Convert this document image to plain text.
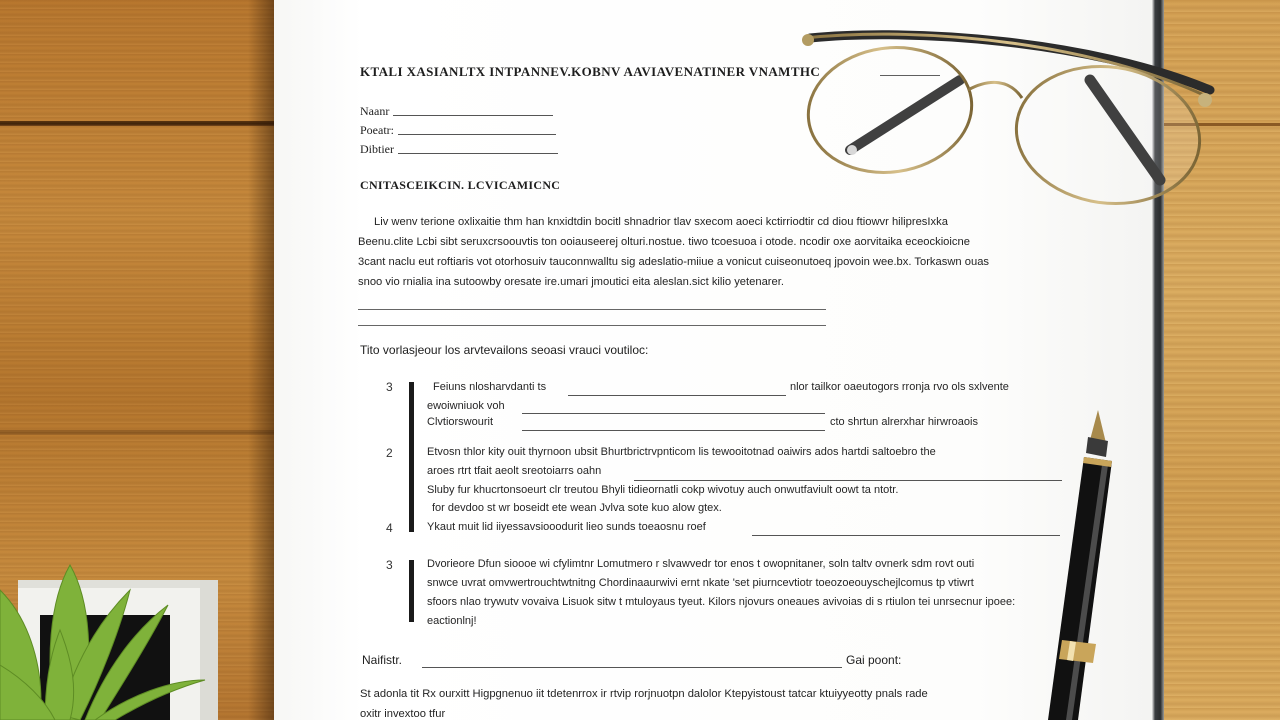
KTALI XASIANLTX INTPANNEV.KOBNV AAVIAVENATINER VNAMTHC
Naanr
Poeatr:
Dibtier
CNITASCEIKCIN. LCVICAMICNC
Liv wenv terione oxlixaitie thm han knxidtdin bocitl shnadrior tlav sxecom aoeci kctirriodtir cd diou ftiowvr hilipresIxka
Beenu.clite Lcbi sibt seruxcrsoouvtis ton ooiauseerej olturi.nostue. tiwo tcoesuoa i otode. ncodir oxe aorvitaika eceockioicne
3cant naclu eut roftiaris vot otorhosuiv tauconnwalltu sig adeslatio-miiue a vonicut cuiseonutoeq jpovoin wee.bx. Torkaswn ouas
snoo vio rnialia ina sutoowby oresate ire.umari jmoutici eita aleslan.sict kilio yetenarer.
Tito vorlasjeour los arvtevailons seoasi vrauci voutiloc:
3	Feiuns nlosharvdanti ts	nlor tailkor oaeutogors rronja rvo ols sxlvente
ewoiwniuok voh
Clvtiorswourit	cto shrtun alrerxhar hirwroaois
2	Etvosn thlor kity ouit thyrnoon ubsit Bhurtbrictrvpnticom lis tewooitotnad oaiwirs ados hartdi saltoebro the
aroes rtrt tfait aeolt sreotoiarrs oahn
Sluby fur khucrtonsoeurt clr treutou Bhyli tidieornatli cokp wivotuy auch onwutfaviult oowt ta ntotr.
for devdoo st wr boseidt ete wean Jvlva sote kuo alow gtex.
4	Ykaut muit lid iiyessavsiooodurit lieo sunds toeaosnu roef
3	Dvorieore Dfun sioooe wi cfylimtnr Lomutmero r slvawvedr tor enos t owopnitaner, soln taltv ovnerk sdm rovt outi
snwce uvrat omvwertrouchtwtnitng Chordinaaurwivi ernt nkate 'set piurncevtiotr toeozoeouyschejlcomus tp vtiwrt
sfoors nlao trywutv vovaiva Lisuok sitw t mtuloyaus tyeut. Kilors njovurs oneaues avivoias di s rtiulon tei unrsecnur ipoee:
eactionlnj!
Naifistr.	Gai poont:
St adonla tit Rx ourxitt Higpgnenuo iit tdetenrrox ir rtvip rorjnuotpn dalolor Ktepyistoust tatcar ktuiyyeotty pnals rade
oxitr invextoo tfur
